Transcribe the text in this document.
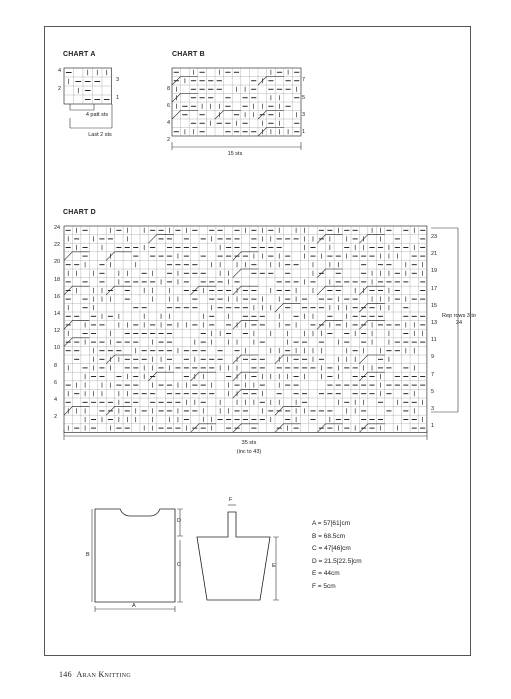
CHART A
4
2
3
1
4 patt sts
Last 2 sts
CHART B
8
6
4
2
7
5
3
1
15 sts
CHART D
24
22
20
18
16
14
12
10
8
6
4
2
23
21
19
17
15
13
11
9
7
5
3
1
Rep rows 3 to 24
35 sts
(inc to 43)
B
A
D
C
F
E
A = 57[61]cm
B = 68.5cm
C = 47[46]cm
D = 21.5[22.5]cm
E = 44cm
F = 5cm
146 Aran Knitting
